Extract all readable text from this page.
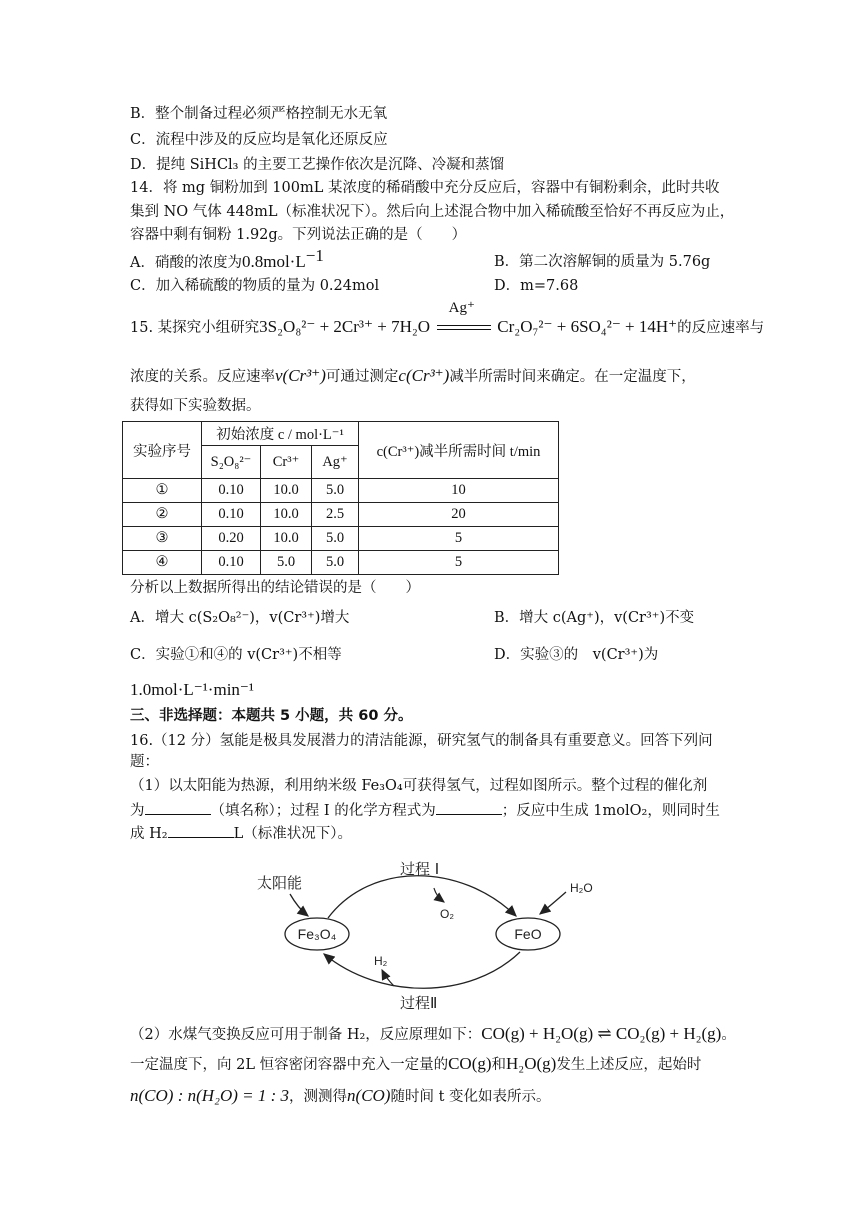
B．整个制备过程必须严格控制无水无氧
C．流程中涉及的反应均是氧化还原反应
D．提纯 SiHCl₃ 的主要工艺操作依次是沉降、冷凝和蒸馏
14．将 mg 铜粉加到 100mL 某浓度的稀硝酸中充分反应后，容器中有铜粉剩余，此时共收
集到 NO 气体 448mL（标准状况下）。然后向上述混合物中加入稀硫酸至恰好不再反应为止，
容器中剩有铜粉 1.92g。下列说法正确的是（　　）
A．硝酸的浓度为$0.8mol\cdot L^{-1}$	B．第二次溶解铜的质量为 5.76g
C．加入稀硫酸的物质的量为 0.24mol	D．m=7.68
15. 某探究小组研究3S₂O₈²⁻ + 2Cr³⁺ + 7H₂O
Ag⁺
Cr₂O₇²⁻ + 6SO₄²⁻ + 14H⁺的反应速率与
浓度的关系。反应速率v(Cr³⁺)可通过测定c(Cr³⁺)减半所需时间来确定。在一定温度下，
获得如下实验数据。
实验序号	初始浓度 c / mol·L⁻¹			c(Cr³⁺)减半所需时间 t/min
	S₂O₈²⁻	Cr³⁺	Ag⁺	
①	0.10	10.0	5.0	10
②	0.10	10.0	2.5	20
③	0.20	10.0	5.0	5
④	0.10	5.0	5.0	5
分析以上数据所得出的结论错误的是（　　）
A．增大 c(S₂O₈²⁻)，v(Cr³⁺)增大	B．增大 c(Ag⁺)，v(Cr³⁺)不变
C．实验①和④的 v(Cr³⁺)不相等	D．实验③的 v(Cr³⁺)为
1.0mol·L⁻¹·min⁻¹
三、非选择题：本题共 5 小题，共 60 分。
16.（12 分）氢能是极具发展潜力的清洁能源，研究氢气的制备具有重要意义。回答下列问
题：
（1）以太阳能为热源，利用纳米级 Fe₃O₄可获得氢气，过程如图所示。整个过程的催化剂
为	（填名称）；过程 I 的化学方程式为	；反应中生成 1molO₂，则同时生
成 H₂	L（标准状况下）。
太阳能
Fe₃O₄	FeO
过程 I
O₂
H₂O
H₂
过程Ⅱ
（2）水煤气变换反应可用于制备 H₂，反应原理如下：CO(g) + H₂O(g) ⇌ CO₂(g) + H₂(g)。
一定温度下，向 2L 恒容密闭容器中充入一定量的CO(g)和H₂O(g)发生上述反应，起始时
n(CO) : n(H₂O) = 1 : 3，测测得n(CO)随时间 t 变化如表所示。
